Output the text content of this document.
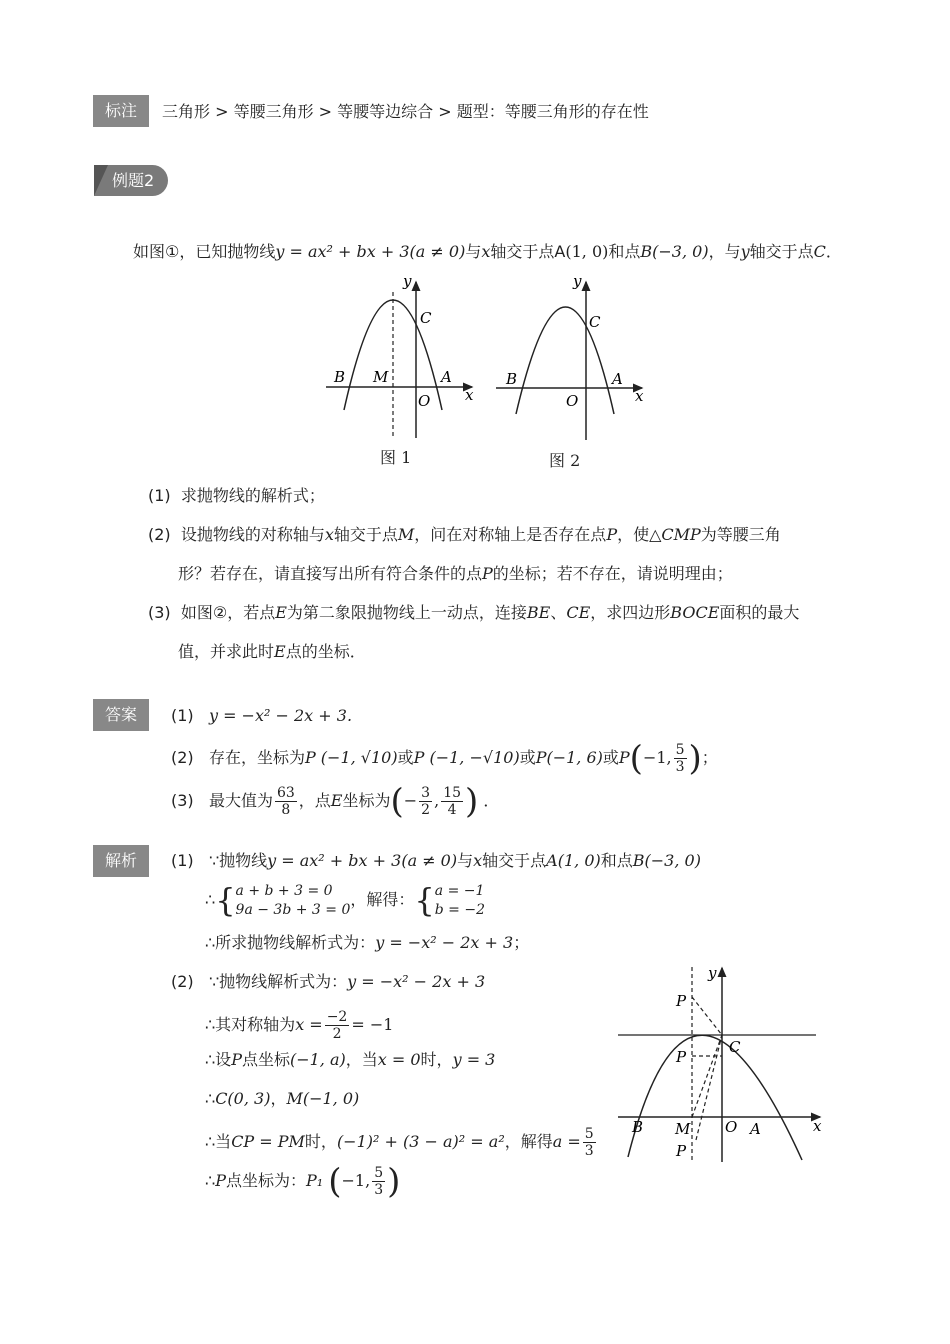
标注	三角形 > 等腰三角形 > 等腰等边综合 > 题型：等腰三角形的存在性
例题2
如图①，已知抛物线y = ax² + bx + 3(a ≠ 0)与x轴交于点A(1, 0)和点B(−3, 0)，与y轴交于点C．
y
x
C
B M	A
O
图 1
y
x
C
B	A
O
图 2
(1) 求抛物线的解析式；
(2) 设抛物线的对称轴与x轴交于点M，问在对称轴上是否存在点P，使△CMP为等腰三角
形？若存在，请直接写出所有符合条件的点P的坐标；若不存在，请说明理由；
(3) 如图②，若点E为第二象限抛物线上一动点，连接BE、CE，求四边形BOCE面积的最大
值，并求此时E点的坐标．
答案	(1) y = −x² − 2x + 3.
(2) 存在，坐标为P (−1, √10)或P (−1, −√10)或P(−1, 6)或P(−1, $\frac{5}{3}$ )；
(3) 最大值为 $\frac{63}{8}$ ，点E坐标为(− $\frac{3}{2}$ , $\frac{15}{4}$ ) ．
解析	(1) ∵抛物线y = ax² + bx + 3(a ≠ 0)与x轴交于点A(1, 0)和点B(−3, 0)
∴{ a + b + 3 = 0
9a − 3b + 3 = 0
，解得：{ a = −1
b = −2
∴所求抛物线解析式为：y = −x² − 2x + 3；
(2) ∵抛物线解析式为：y = −x² − 2x + 3
∴其对称轴为$x = \frac{-2}{2} = -1$
∴设P点坐标(−1, a)，当x = 0时，y = 3
∴C(0, 3)，M(−1, 0)
∴当CP = PM时，(−1)² + (3 − a)² = a²，解得$a = \frac{5}{3}$
∴P点坐标为：P₁ (−1, $\frac{5}{3}$ )
y
x
P
P
P
C
B M O A
